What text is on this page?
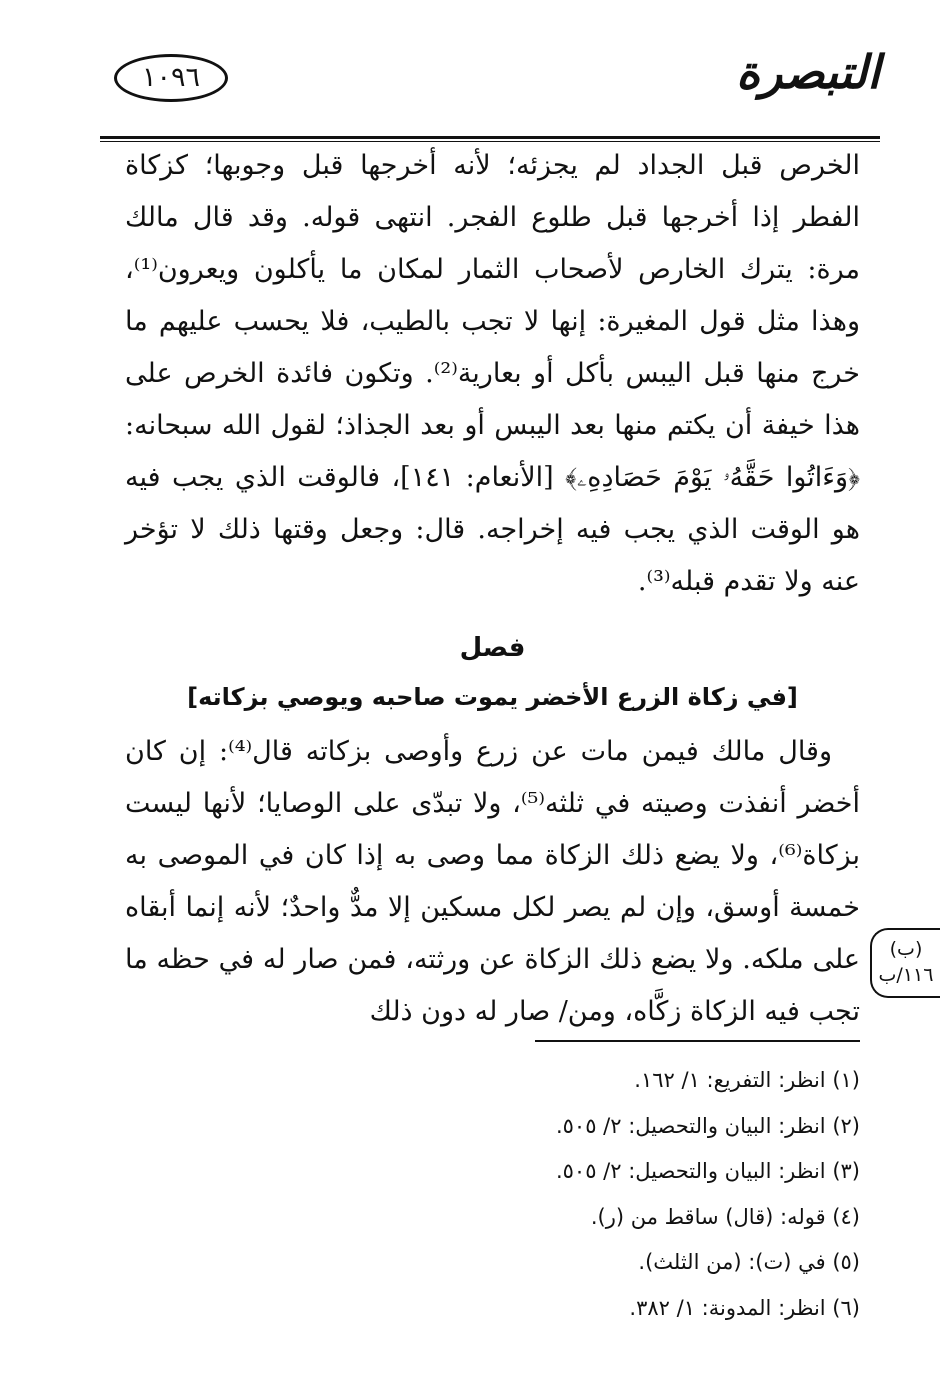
التبصرة
١٠٩٦

الخرص قبل الجداد لم يجزئه؛ لأنه أخرجها قبل وجوبها؛ كزكاة الفطر إذا أخرجها قبل طلوع الفجر. انتهى قوله. وقد قال مالك مرة: يترك الخارص لأصحاب الثمار لمكان ما يأكلون ويعرون⁽¹⁾، وهذا مثل قول المغيرة: إنها لا تجب بالطيب، فلا يحسب عليهم ما خرج منها قبل اليبس بأكل أو بعارية⁽²⁾. وتكون فائدة الخرص على هذا خيفة أن يكتم منها بعد اليبس أو بعد الجذاذ؛ لقول الله سبحانه: ﴿وَءَاتُوا حَقَّهُۥ يَوْمَ حَصَادِهِۦ﴾ [الأنعام: ١٤١]، فالوقت الذي يجب فيه هو الوقت الذي يجب فيه إخراجه. قال: وجعل وقتها ذلك لا تؤخر عنه ولا تقدم قبله⁽³⁾.

فصل
[في زكاة الزرع الأخضر يموت صاحبه ويوصي بزكاته]

وقال مالك فيمن مات عن زرع وأوصى بزكاته قال⁽⁴⁾: إن كان أخضر أنفذت وصيته في ثلثه⁽⁵⁾، ولا تبدّى على الوصايا؛ لأنها ليست بزكاة⁽⁶⁾، ولا يضع ذلك الزكاة مما وصى به إذا كان في الموصى به خمسة أوسق، وإن لم يصر لكل مسكين إلا مدٌّ واحدٌ؛ لأنه إنما أبقاه على ملكه. ولا يضع ذلك الزكاة عن ورثته، فمن صار له في حظه ما تجب فيه الزكاة زكَّاه، ومن/ صار له دون ذلك

(ب)
١١٦/ب
(١) انظر: التفريع: ١/ ١٦٢.
(٢) انظر: البيان والتحصيل: ٢/ ٥٠٥.
(٣) انظر: البيان والتحصيل: ٢/ ٥٠٥.
(٤) قوله: (قال) ساقط من (ر).
(٥) في (ت): (من الثلث).
(٦) انظر: المدونة: ١/ ٣٨٢.
